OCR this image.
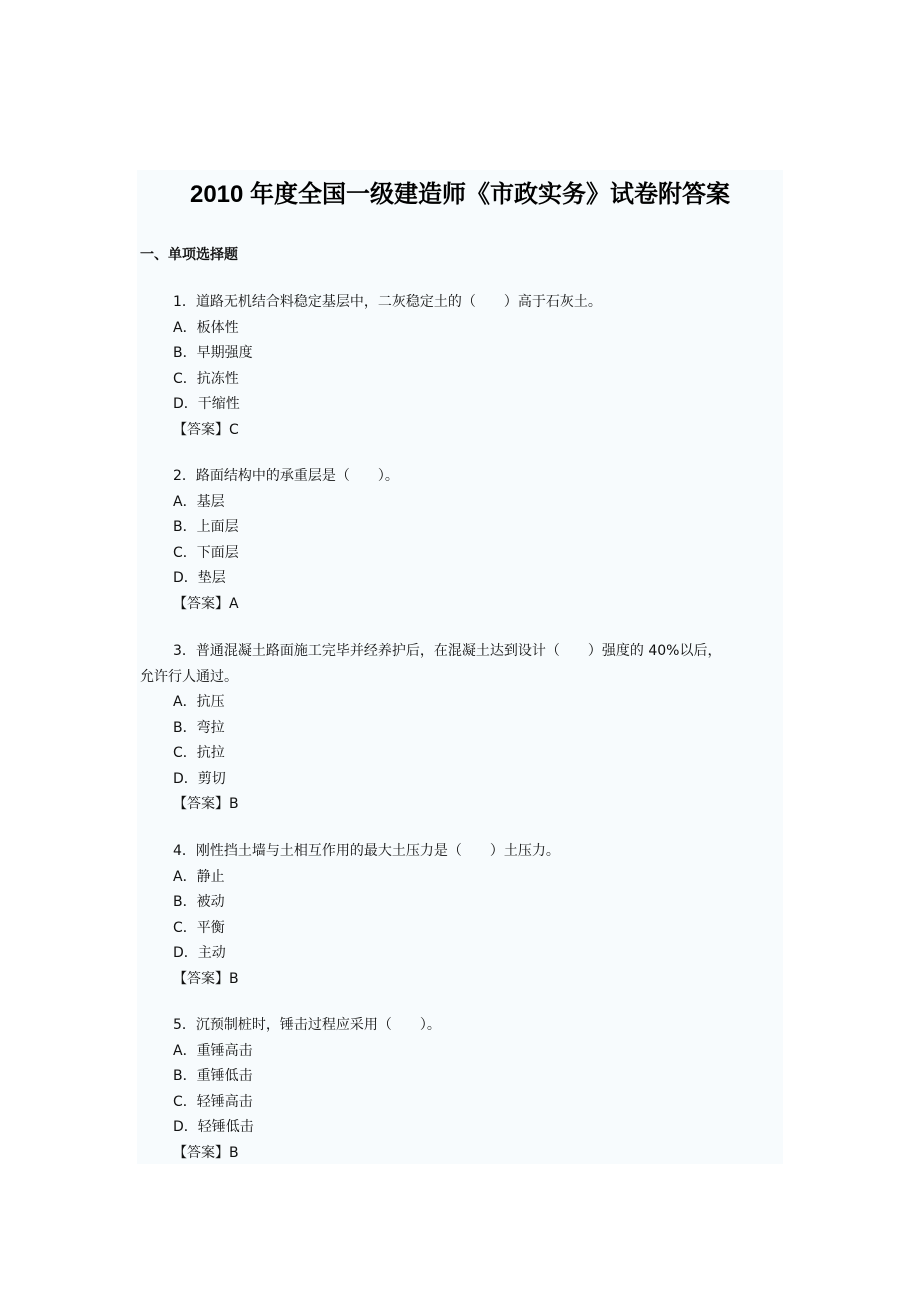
2010 年度全国一级建造师《市政实务》试卷附答案
一、单项选择题
1．道路无机结合料稳定基层中，二灰稳定土的（　　）高于石灰土。
A．板体性
B．早期强度
C．抗冻性
D．干缩性
【答案】C
2．路面结构中的承重层是（　　）。
A．基层
B．上面层
C．下面层
D．垫层
【答案】A
3．普通混凝土路面施工完毕并经养护后，在混凝土达到设计（　　）强度的 40%以后，
允许行人通过。
A．抗压
B．弯拉
C．抗拉
D．剪切
【答案】B
4．刚性挡土墙与土相互作用的最大土压力是（　　）土压力。
A．静止
B．被动
C．平衡
D．主动
【答案】B
5．沉预制桩时，锤击过程应采用（　　）。
A．重锤高击
B．重锤低击
C．轻锤高击
D．轻锤低击
【答案】B
